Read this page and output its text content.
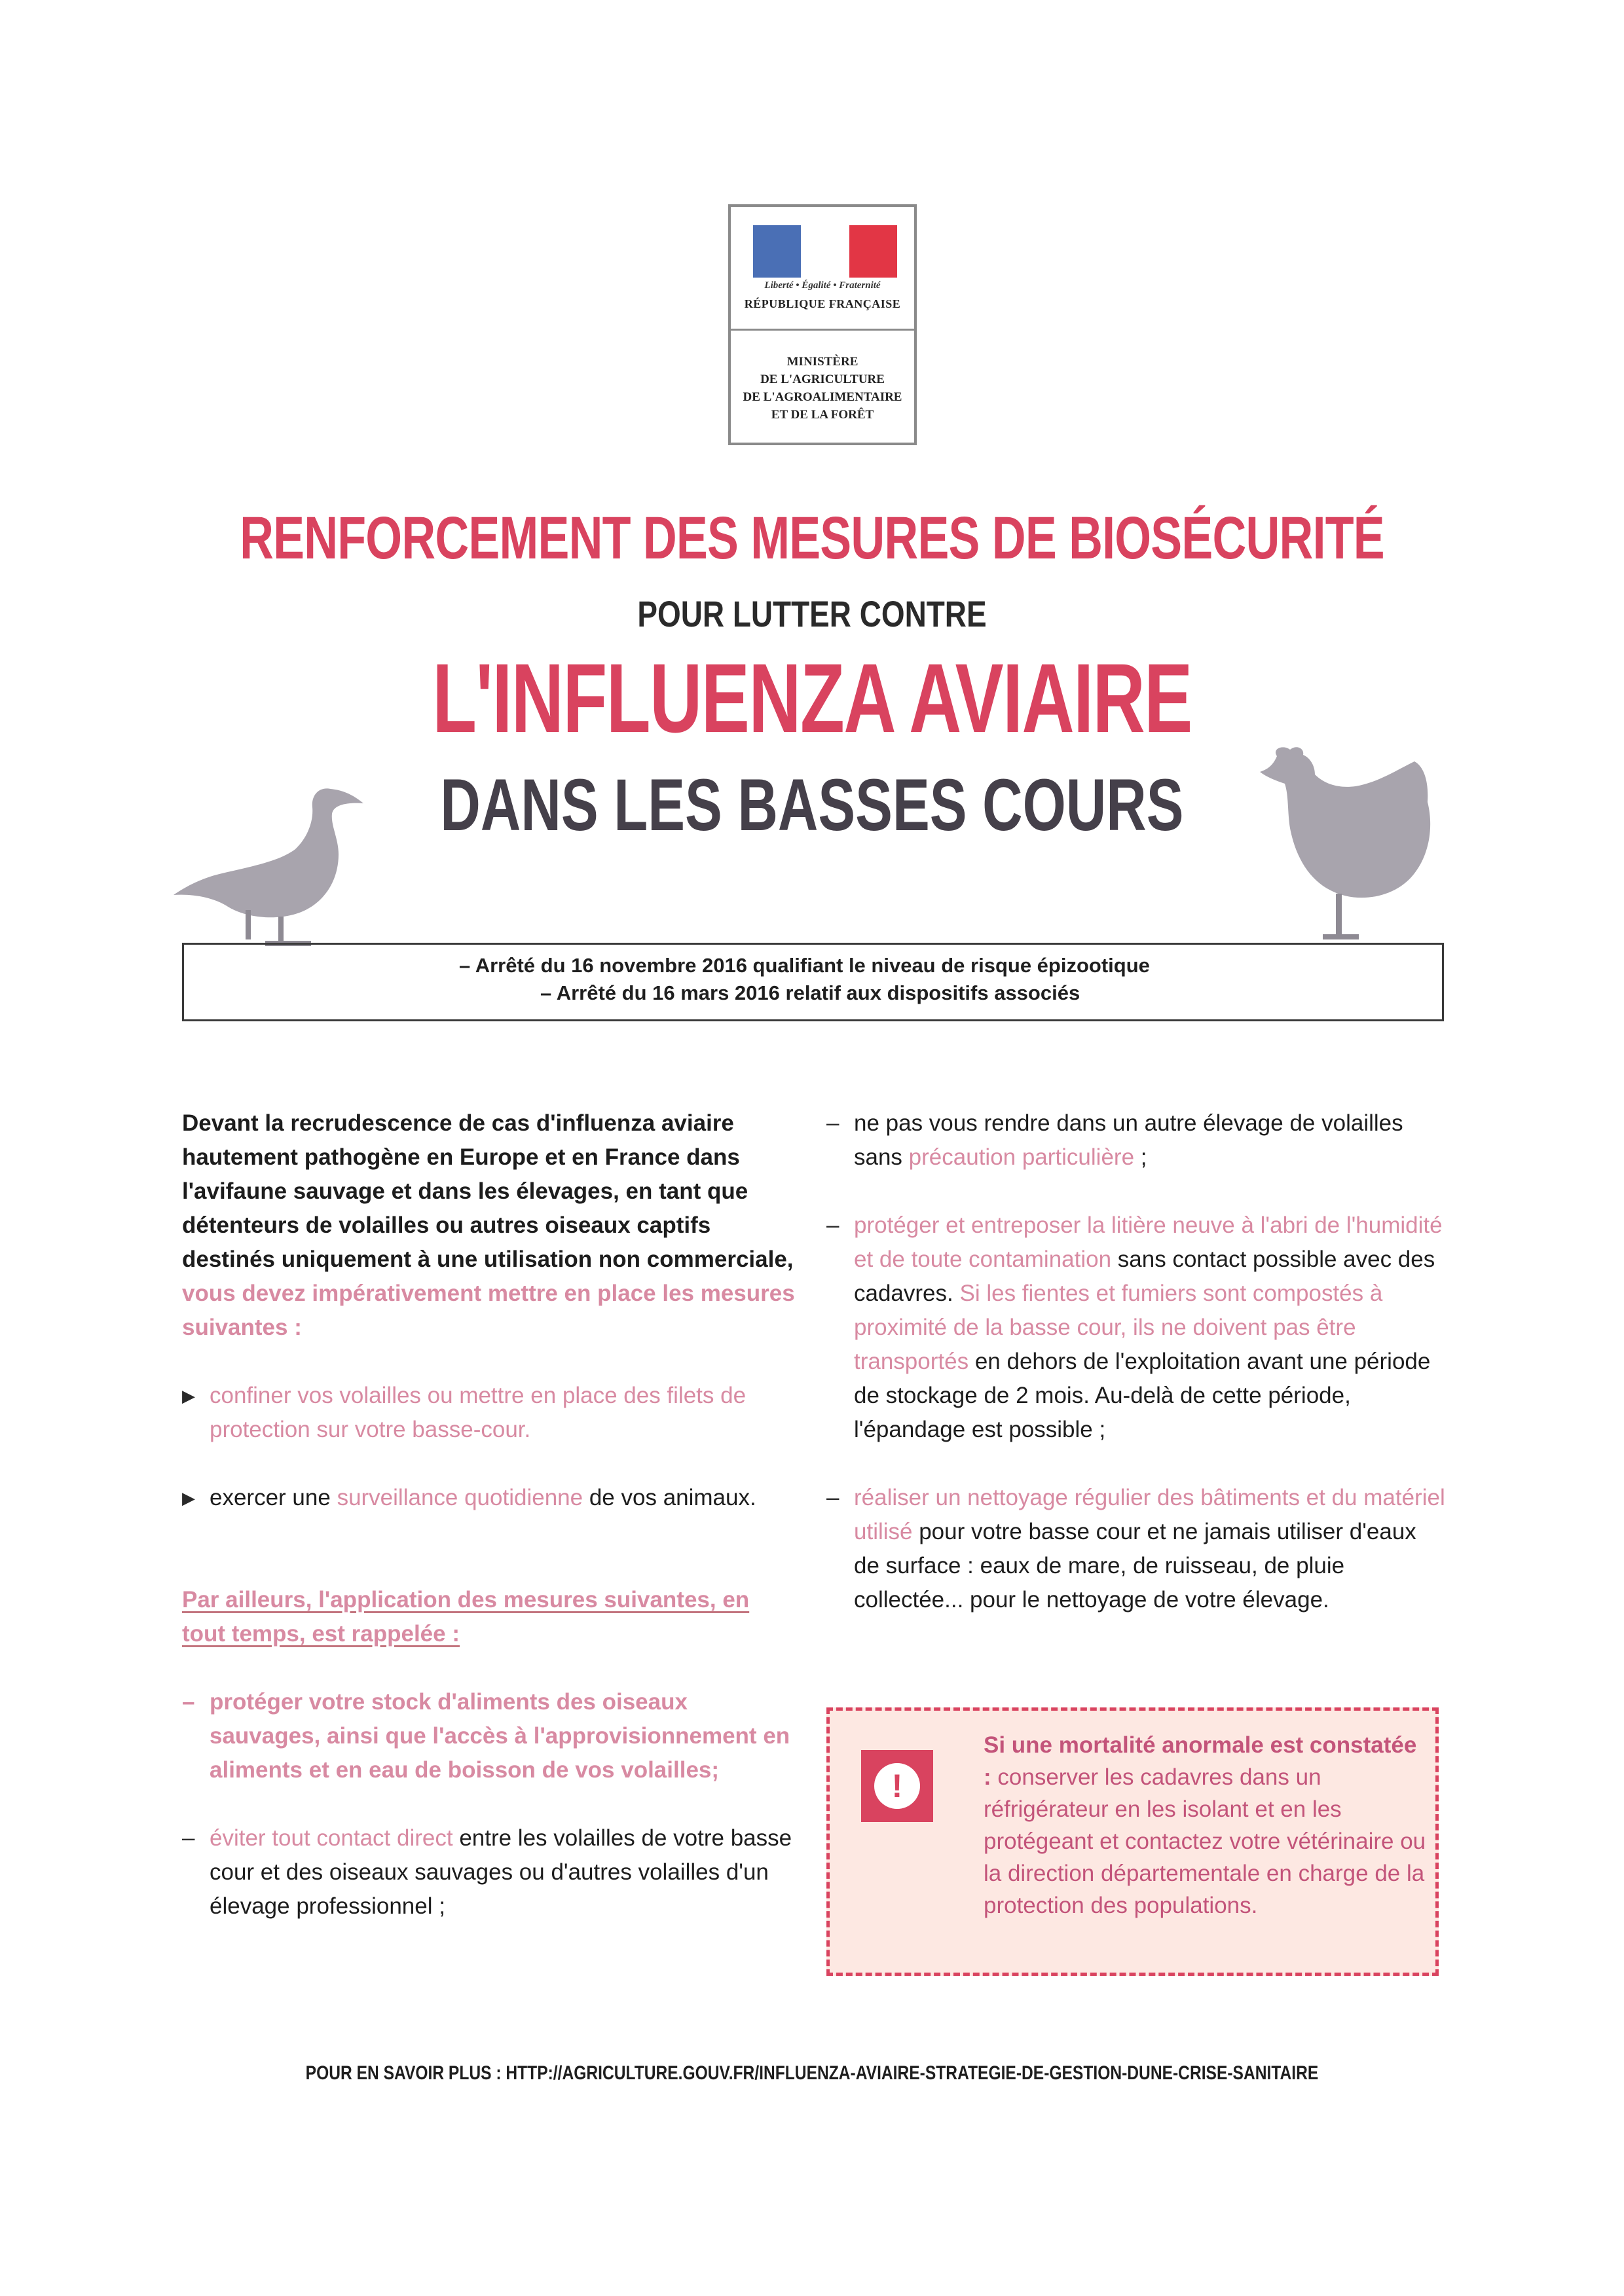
Liberté • Égalité • Fraternité
RÉPUBLIQUE FRANÇAISE
MINISTÈRE
DE L'AGRICULTURE
DE L'AGROALIMENTAIRE
ET DE LA FORÊT
RENFORCEMENT DES MESURES DE BIOSÉCURITÉ
POUR LUTTER CONTRE
L'INFLUENZA AVIAIRE
DANS LES BASSES COURS
– Arrêté du 16 novembre 2016 qualifiant le niveau de risque épizootique
– Arrêté du 16 mars 2016 relatif aux dispositifs associés

Devant la recrudescence de cas d'influenza aviaire hautement pathogène en Europe et en France dans l'avifaune sauvage et dans les élevages, en tant que détenteurs de volailles ou autres oiseaux captifs destinés uniquement à une utilisation non commerciale, vous devez impérativement mettre en place les mesures suivantes :

▶ confiner vos volailles ou mettre en place des filets de protection sur votre basse-cour.

▶ exercer une surveillance quotidienne de vos animaux.

Par ailleurs, l'application des mesures suivantes, en tout temps, est rappelée :

– protéger votre stock d'aliments des oiseaux sauvages, ainsi que l'accès à l'approvisionnement en aliments et en eau de boisson de vos volailles;

– éviter tout contact direct entre les volailles de votre basse cour et des oiseaux sauvages ou d'autres volailles d'un élevage professionnel ;

– ne pas vous rendre dans un autre élevage de volailles sans précaution particulière ;

– protéger et entreposer la litière neuve à l'abri de l'humidité et de toute contamination sans contact possible avec des cadavres. Si les fientes et fumiers sont compostés à proximité de la basse cour, ils ne doivent pas être transportés en dehors de l'exploitation avant une période de stockage de 2 mois. Au-delà de cette période, l'épandage est possible ;

– réaliser un nettoyage régulier des bâtiments et du matériel utilisé pour votre basse cour et ne jamais utiliser d'eaux de surface : eaux de mare, de ruisseau, de pluie collectée... pour le nettoyage de votre élevage.

!
Si une mortalité anormale est constatée : conserver les cadavres dans un réfrigérateur en les isolant et en les protégeant et contactez votre vétérinaire ou la direction départementale en charge de la protection des populations.
POUR EN SAVOIR PLUS : HTTP://AGRICULTURE.GOUV.FR/INFLUENZA-AVIAIRE-STRATEGIE-DE-GESTION-DUNE-CRISE-SANITAIRE
